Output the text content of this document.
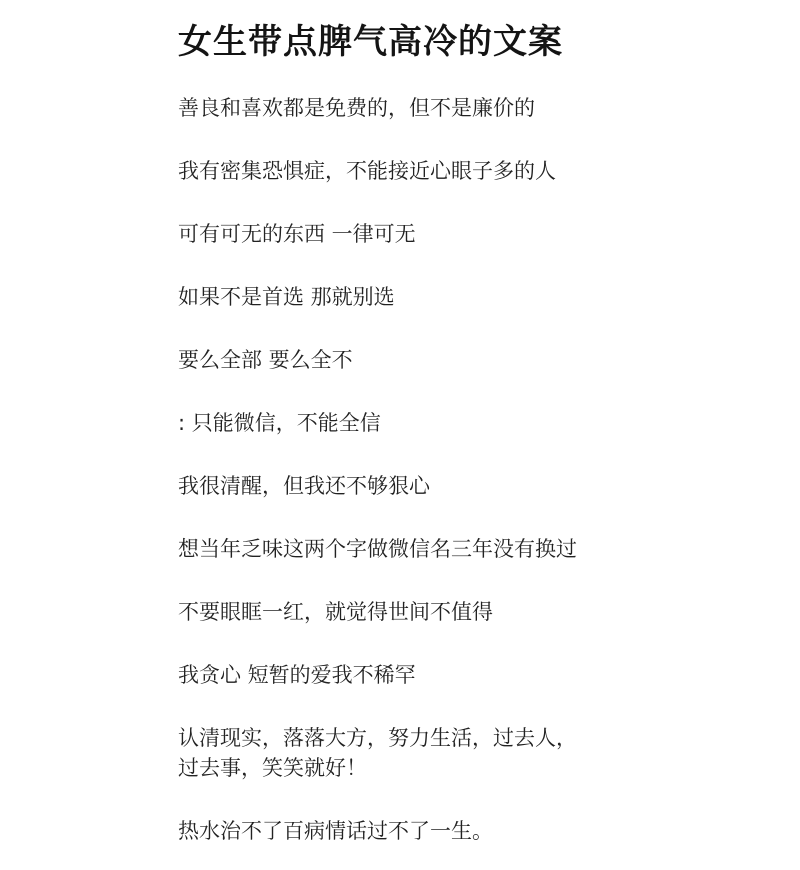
女生带点脾气高冷的文案
善良和喜欢都是免费的，但不是廉价的
我有密集恐惧症，不能接近心眼子多的人
可有可无的东西 一律可无
如果不是首选 那就别选
要么全部 要么全不
: 只能微信，不能全信
我很清醒，但我还不够狠心
想当年乏味这两个字做微信名三年没有换过
不要眼眶一红，就觉得世间不值得
我贪心 短暂的爱我不稀罕
认清现实，落落大方，努力生活，过去人，
过去事，笑笑就好！
热水治不了百病情话过不了一生。
